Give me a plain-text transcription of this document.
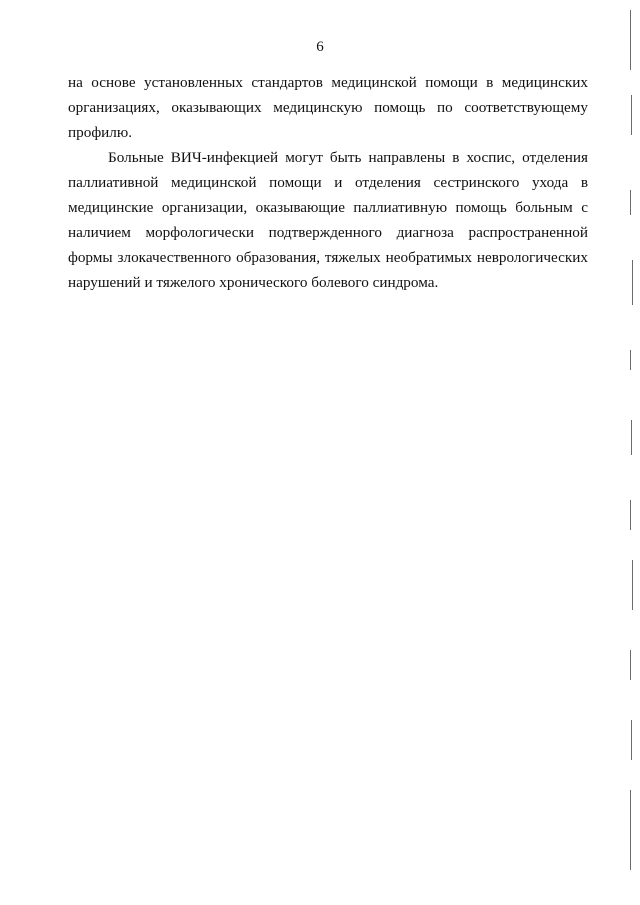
6

на основе установленных стандартов медицинской помощи в медицинских организациях, оказывающих медицинскую помощь по соответствующему профилю.

Больные ВИЧ-инфекцией могут быть направлены в хоспис, отделения паллиативной медицинской помощи и отделения сестринского ухода в медицинские организации, оказывающие паллиативную помощь больным с наличием морфологически подтвержденного диагноза распространенной формы злокачественного образования, тяжелых необратимых неврологических нарушений и тяжелого хронического болевого синдрома.
